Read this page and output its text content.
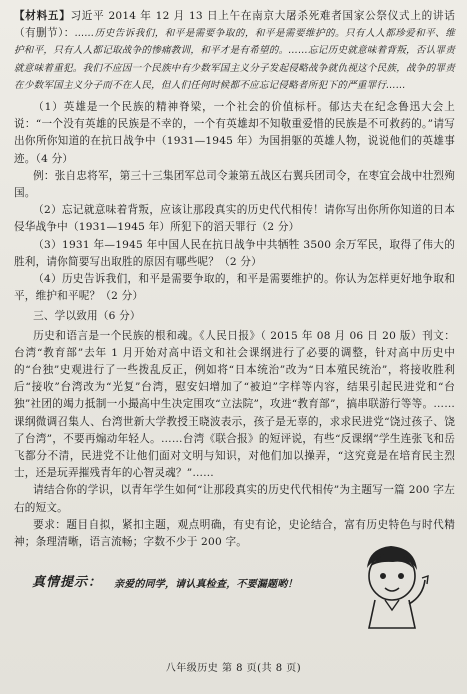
【材料五】习近平 2014 年 12 月 13 日上午在南京大屠杀死难者国家公祭仪式上的讲话（有删节）：……历史告诉我们，和平是需要争取的，和平是需要维护的。只有人人都珍爱和平、维护和平，只有人人都记取战争的惨痛教训，和平才是有希望的。……忘记历史就意味着背叛，否认罪责就意味着重犯。我们不应因一个民族中有少数军国主义分子发起侵略战争就仇视这个民族，战争的罪责在少数军国主义分子而不在人民，但人们任何时候都不应忘记侵略者所犯下的严重罪行……

（1）英雄是一个民族的精神脊梁，一个社会的价值标杆。郁达夫在纪念鲁迅大会上说：“一个没有英雄的民族是不幸的，一个有英雄却不知敬重爱惜的民族是不可救药的。”请写出你所你知道的在抗日战争中（1931—1945 年）为国捐躯的英雄人物，说说他们的英雄事迹。（4 分）

例：张自忠将军，第三十三集团军总司令兼第五战区右翼兵团司令，在枣宜会战中壮烈殉国。

（2）忘记就意味着背叛，应该让那段真实的历史代代相传！请你写出你所你知道的日本侵华战争中（1931—1945 年）所犯下的滔天罪行（2 分）

（3）1931 年—1945 年中国人民在抗日战争中共牺牲 3500 余万军民，取得了伟大的胜利，请你简要写出取胜的原因有哪些呢？（2 分）

（4）历史告诉我们，和平是需要争取的，和平是需要维护的。你认为怎样更好地争取和平，维护和平呢？（2 分）

三、学以致用（6 分）

历史和语言是一个民族的根和魂。《人民日报》（ 2015 年 08 月 06 日 20 版）刊文：台湾“教育部”去年 1 月开始对高中语文和社会课纲进行了必要的调整，针对高中历史中的“台独”史观进行了一些拨乱反正，例如将“日本统治”改为“日本殖民统治”，将接收胜利后“接收”台湾改为“光复”台湾，慰安妇增加了“被迫”字样等内容，结果引起民进党和“台独”社团的竭力抵制一小撮高中生决定围攻“立法院”，攻进“教育部”，搞串联游行等等。……课纲微调召集人、台湾世新大学教授王晓波表示，孩子是无辜的，求求民进党“饶过孩子、饶了台湾”，不要再煽动年轻人。……台湾《联合报》的短评说，有些“反课纲”学生连张飞和岳飞都分不清，民进党不让他们面对文明与知识，对他们加以操弄，“这究竟是在培育民主烈士，还是玩弄摧残青年的心智灵魂？”……

请结合你的学识，以青年学生如何“让那段真实的历史代代相传”为主题写一篇 200 字左右的短文。

要求：题目自拟，紧扣主题，观点明确，有史有论，史论结合，富有历史特色与时代精神；条理清晰，语言流畅；字数不少于 200 字。

真情提示： 亲爱的同学，请认真检查，不要漏题哟！
八年级历史 第 8 页(共 8 页)
